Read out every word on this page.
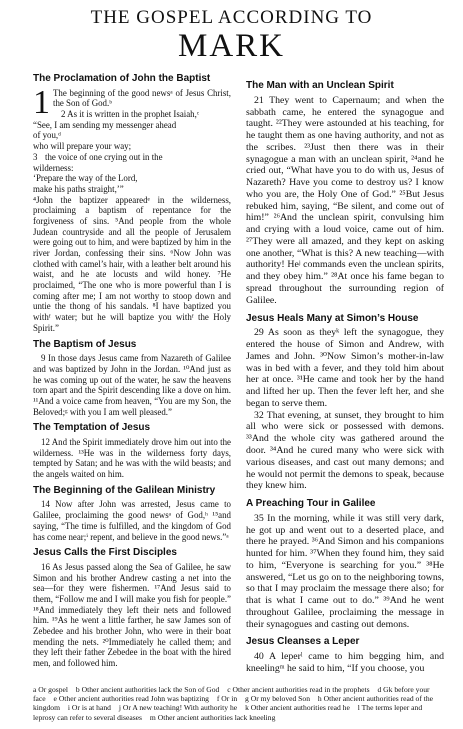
THE GOSPEL ACCORDING TO
MARK
The Proclamation of John the Baptist

1 The beginning of the good newsᵃ of Jesus Christ, the Son of God.ᵇ

2 As it is written in the prophet Isaiah,ᶜ

“See, I am sending my messenger ahead
of you,ᵈ
who will prepare your way;
3 the voice of one crying out in the
wilderness:
‘Prepare the way of the Lord,
make his paths straight,’”

⁴John the baptizer appearedᵉ in the wilderness, proclaiming a baptism of repentance for the forgiveness of sins. ⁵And people from the whole Judean countryside and all the people of Jerusalem were going out to him, and were baptized by him in the river Jordan, confessing their sins. ⁶Now John was clothed with camel’s hair, with a leather belt around his waist, and he ate locusts and wild honey. ⁷He proclaimed, “The one who is more powerful than I is coming after me; I am not worthy to stoop down and untie the thong of his sandals. ⁸I have baptized you withᶠ water; but he will baptize you withᶠ the Holy Spirit.”

The Baptism of Jesus

9 In those days Jesus came from Nazareth of Galilee and was baptized by John in the Jordan. ¹⁰And just as he was coming up out of the water, he saw the heavens torn apart and the Spirit descending like a dove on him. ¹¹And a voice came from heaven, “You are my Son, the Beloved;ᵍ with you I am well pleased.”

The Temptation of Jesus

12 And the Spirit immediately drove him out into the wilderness. ¹³He was in the wilderness forty days, tempted by Satan; and he was with the wild beasts; and the angels waited on him.

The Beginning of the Galilean Ministry

14 Now after John was arrested, Jesus came to Galilee, proclaiming the good newsᵃ of God,ʰ ¹⁵and saying, “The time is fulfilled, and the kingdom of God has come near;ⁱ repent, and believe in the good news.”ᵃ

Jesus Calls the First Disciples

16 As Jesus passed along the Sea of Galilee, he saw Simon and his brother Andrew casting a net into the sea—for they were fishermen. ¹⁷And Jesus said to them, “Follow me and I will make you fish for people.” ¹⁸And immediately they left their nets and followed him. ¹⁹As he went a little farther, he saw James son of Zebedee and his brother John, who were in their boat mending the nets. ²⁰Immediately he called them; and they left their father Zebedee in the boat with the hired men, and followed him.

The Man with an Unclean Spirit

21 They went to Capernaum; and when the sabbath came, he entered the synagogue and taught. ²²They were astounded at his teaching, for he taught them as one having authority, and not as the scribes. ²³Just then there was in their synagogue a man with an unclean spirit, ²⁴and he cried out, “What have you to do with us, Jesus of Nazareth? Have you come to destroy us? I know who you are, the Holy One of God.” ²⁵But Jesus rebuked him, saying, “Be silent, and come out of him!” ²⁶And the unclean spirit, convulsing him and crying with a loud voice, came out of him. ²⁷They were all amazed, and they kept on asking one another, “What is this? A new teaching—with authority! Heʲ commands even the unclean spirits, and they obey him.” ²⁸At once his fame began to spread throughout the surrounding region of Galilee.

Jesus Heals Many at Simon’s House

29 As soon as theyᵏ left the synagogue, they entered the house of Simon and Andrew, with James and John. ³⁰Now Simon’s mother-in-law was in bed with a fever, and they told him about her at once. ³¹He came and took her by the hand and lifted her up. Then the fever left her, and she began to serve them.

32 That evening, at sunset, they brought to him all who were sick or possessed with demons. ³³And the whole city was gathered around the door. ³⁴And he cured many who were sick with various diseases, and cast out many demons; and he would not permit the demons to speak, because they knew him.

A Preaching Tour in Galilee

35 In the morning, while it was still very dark, he got up and went out to a deserted place, and there he prayed. ³⁶And Simon and his companions hunted for him. ³⁷When they found him, they said to him, “Everyone is searching for you.” ³⁸He answered, “Let us go on to the neighboring towns, so that I may proclaim the message there also; for that is what I came out to do.” ³⁹And he went throughout Galilee, proclaiming the message in their synagogues and casting out demons.

Jesus Cleanses a Leper

40 A leperˡ came to him begging him, and kneelingᵐ he said to him, “If you choose, you

a Or gospel b Other ancient authorities lack the Son of God c Other ancient authorities read in the prophets d Gk before your face e Other ancient authorities read John was baptizing f Or in g Or my beloved Son h Other ancient authorities read of the kingdom i Or is at hand j Or A new teaching! With authority he k Other ancient authorities read he l The terms leper and leprosy can refer to several diseases m Other ancient authorities lack kneeling
